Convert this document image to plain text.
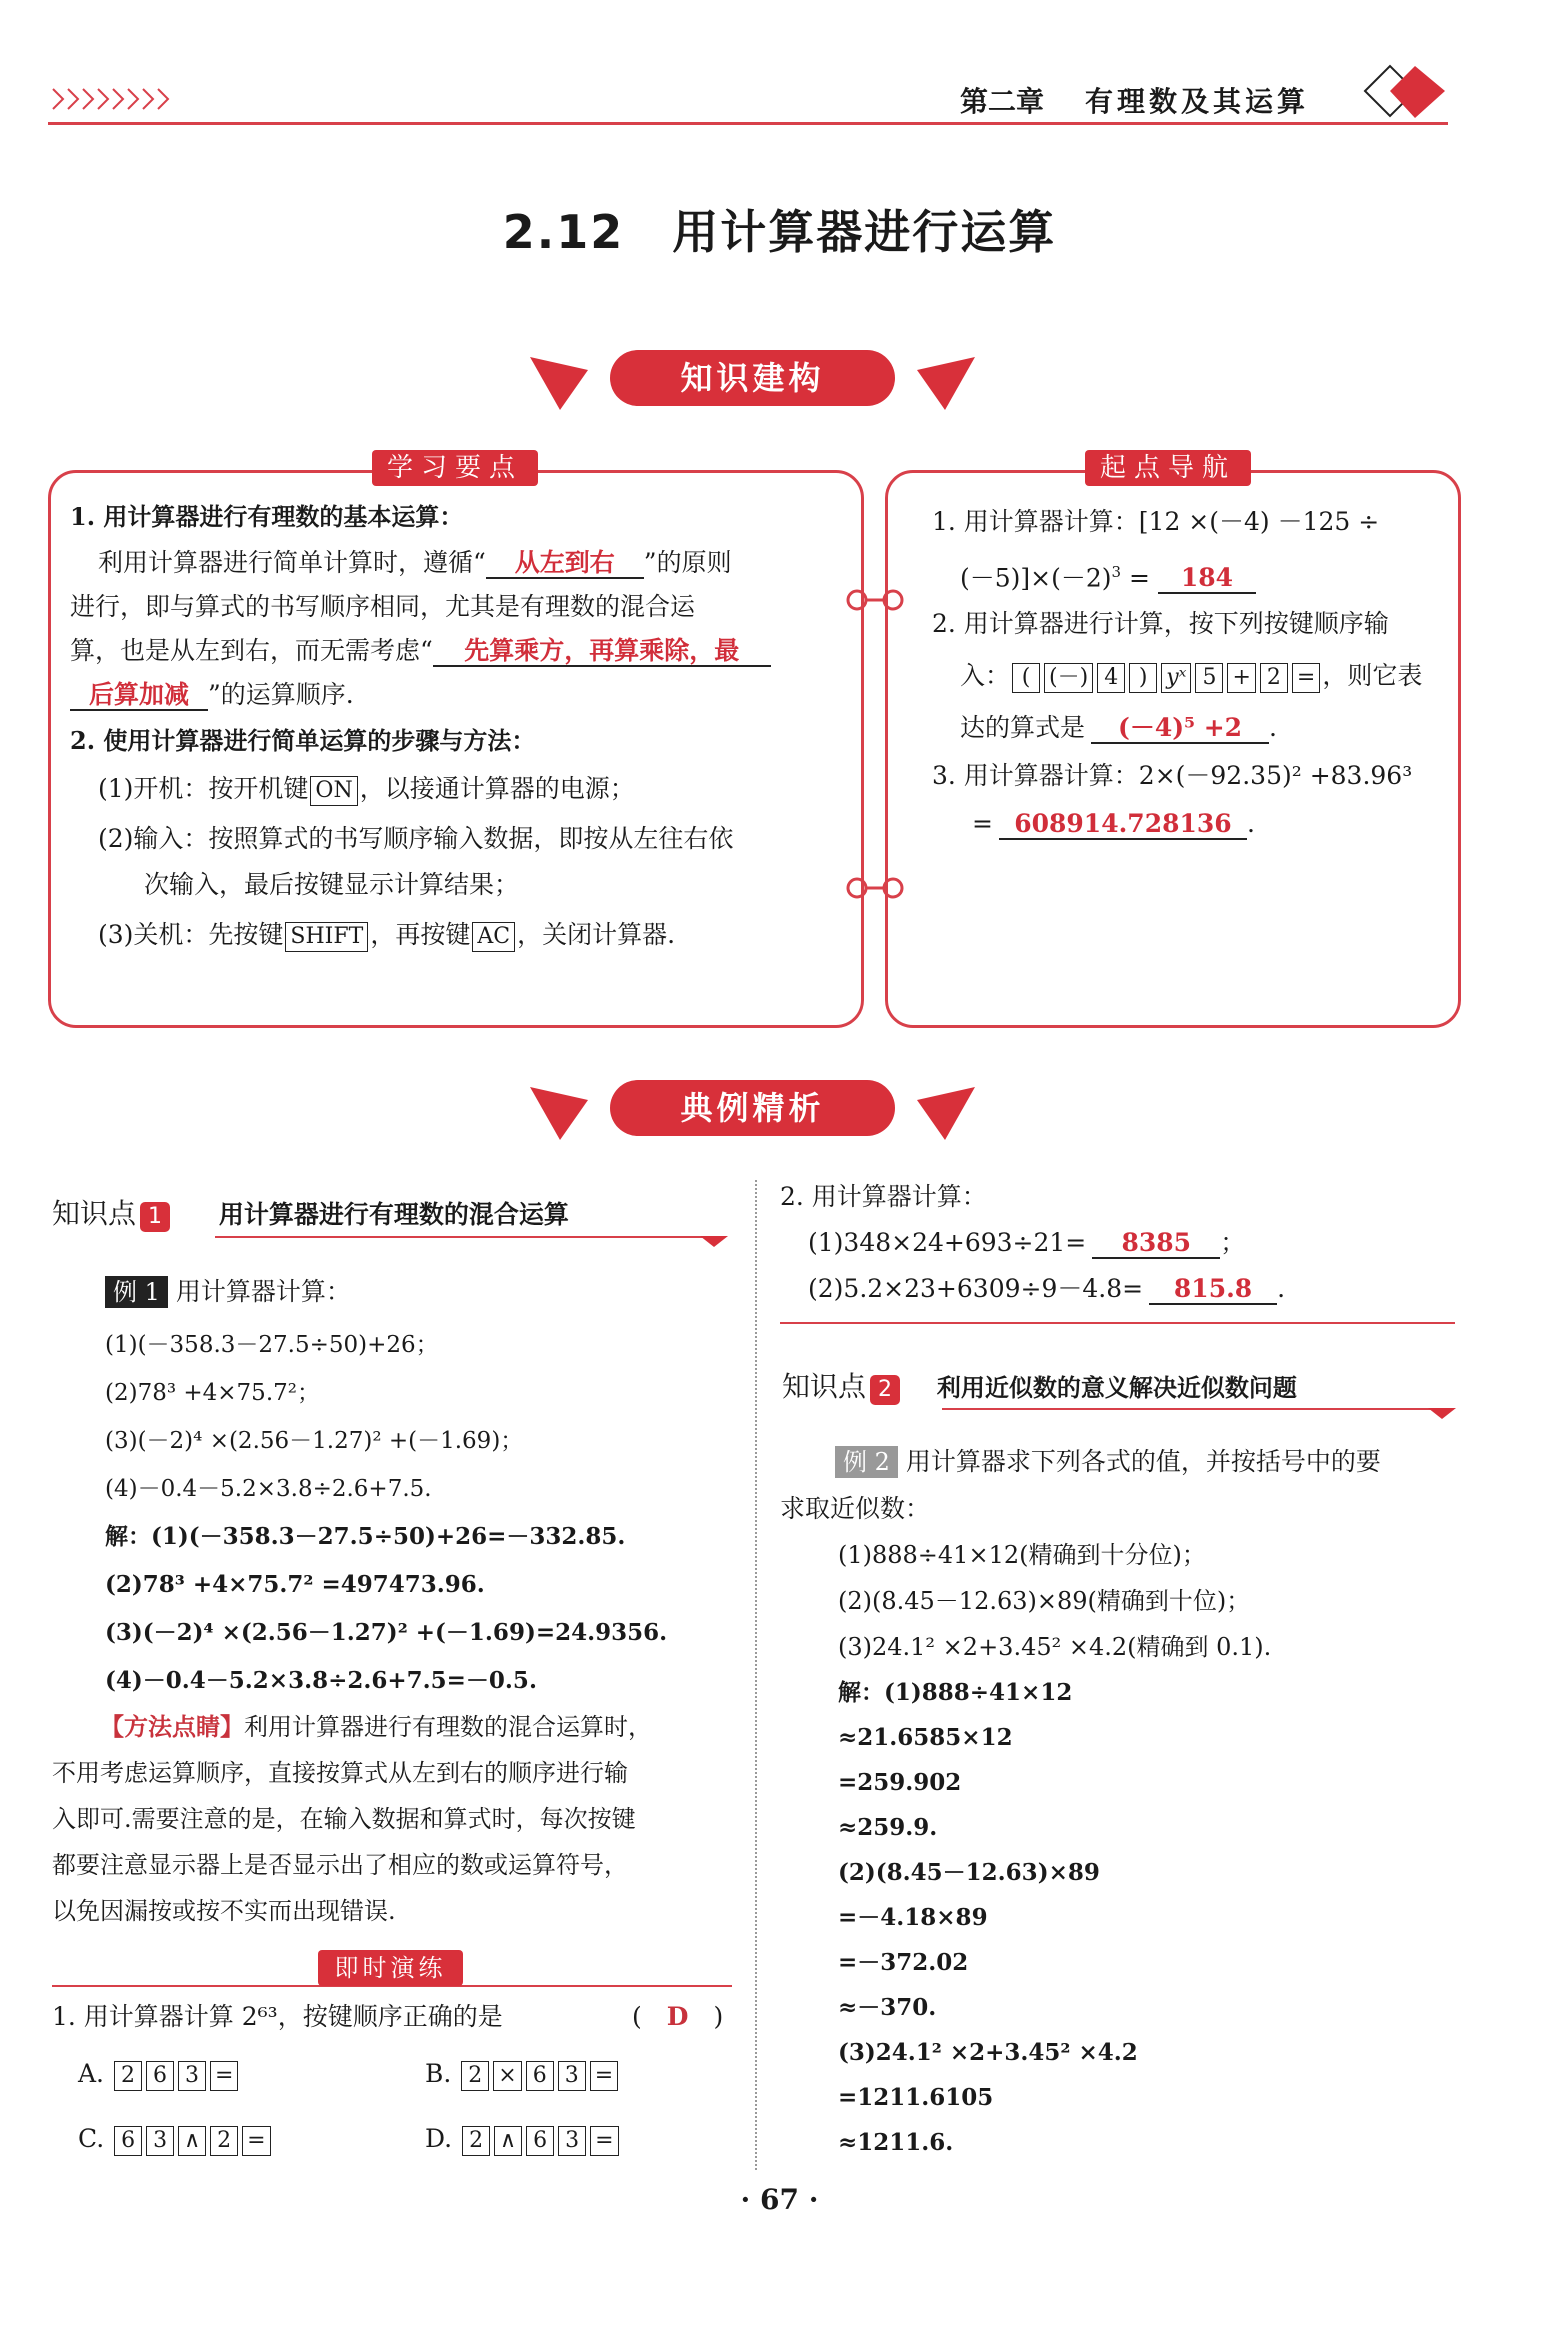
第二章 有理数及其运算
2.12　用计算器进行运算
知识建构
学习要点
1. 用计算器进行有理数的基本运算：
利用计算器进行简单计算时，遵循“ 从左到右 ”的原则
进行，即与算式的书写顺序相同，尤其是有理数的混合运
算，也是从左到右，而无需考虑“ 先算乘方，再算乘除，最
后算加减 ”的运算顺序.
2. 使用计算器进行简单运算的步骤与方法：
(1)开机：按开机键 ON ，以接通计算器的电源；
(2)输入：按照算式的书写顺序输入数据，即按从左往右依
次输入，最后按键显示计算结果；
(3)关机：先按键 SHIFT ，再按键 AC ，关闭计算器.
起点导航
1. 用计算器计算：[12 ×(－4) －125 ÷
$(-5)]\times(-2)^3 = 184$
2. 用计算器进行计算，按下列按键顺序输
入： ( (－) 4 ) yˣ 5 + 2 = ，则它表
达的算式是 (－4)⁵ +2 .
3. 用计算器计算：2×(－92.35)² +83.96³
= 608914.728136 .
典例精析
知识点 1 用计算器进行有理数的混合运算
例 1 用计算器计算：
(1)(－358.3－27.5÷50)+26；
(2)78³ +4×75.7²；
(3)(－2)⁴ ×(2.56－1.27)² +(－1.69)；
(4)－0.4－5.2×3.8÷2.6+7.5.
解：(1)(－358.3－27.5÷50)+26=－332.85.
(2)78³ +4×75.7² =497473.96.
(3)(－2)⁴ ×(2.56－1.27)² +(－1.69)=24.9356.
(4)－0.4－5.2×3.8÷2.6+7.5=－0.5.
【方法点睛】利用计算器进行有理数的混合运算时，
不用考虑运算顺序，直接按算式从左到右的顺序进行输
入即可.需要注意的是，在输入数据和算式时，每次按键
都要注意显示器上是否显示出了相应的数或运算符号，
以免因漏按或按不实而出现错误.
即时演练
1. 用计算器计算 2⁶³，按键顺序正确的是	(　D　)
A. 2 6 3 =	B. 2 × 6 3 =
C. 6 3 ∧ 2 =	D. 2 ∧ 6 3 =
2. 用计算器计算：
(1)348×24+693÷21= 8385 ；
(2)5.2×23+6309÷9－4.8= 815.8 .
知识点 2 利用近似数的意义解决近似数问题
例 2 用计算器求下列各式的值，并按括号中的要
求取近似数：
(1)888÷41×12(精确到十分位)；
(2)(8.45－12.63)×89(精确到十位)；
(3)24.1² ×2+3.45² ×4.2(精确到 0.1).
解：(1)888÷41×12
≈21.6585×12
=259.902
≈259.9.
(2)(8.45－12.63)×89
=－4.18×89
=－372.02
≈－370.
(3)24.1² ×2+3.45² ×4.2
=1211.6105
≈1211.6.
· 67 ·
